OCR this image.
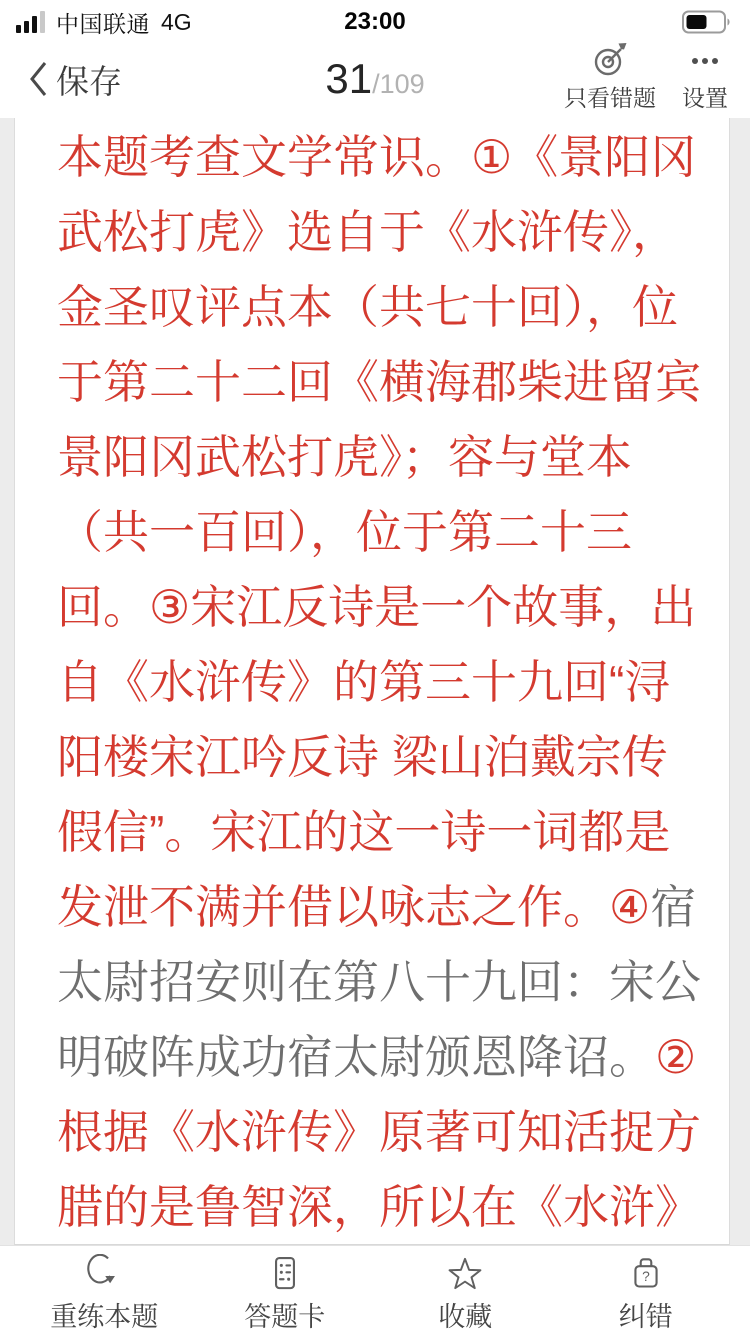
中国联通 4G	23:00
保存	31 /109	只看错题 设置
本题考查文学常识。①《景阳冈
武松打虎》选自于《水浒传》，
金圣叹评点本（共七十回），位
于第二十二回《横海郡柴进留宾
景阳冈武松打虎》；容与堂本
（共一百回），位于第二十三
回。③宋江反诗是一个故事，出
自《水浒传》的第三十九回“浔
阳楼宋江吟反诗 梁山泊戴宗传
假信”。宋江的这一诗一词都是
发泄不满并借以咏志之作。④宿
太尉招安则在第八十九回：宋公
明破阵成功宿太尉颁恩降诏。②
根据《水浒传》原著可知活捉方
腊的是鲁智深，所以在《水浒》
重练本题	答题卡	收藏
?
纠错
